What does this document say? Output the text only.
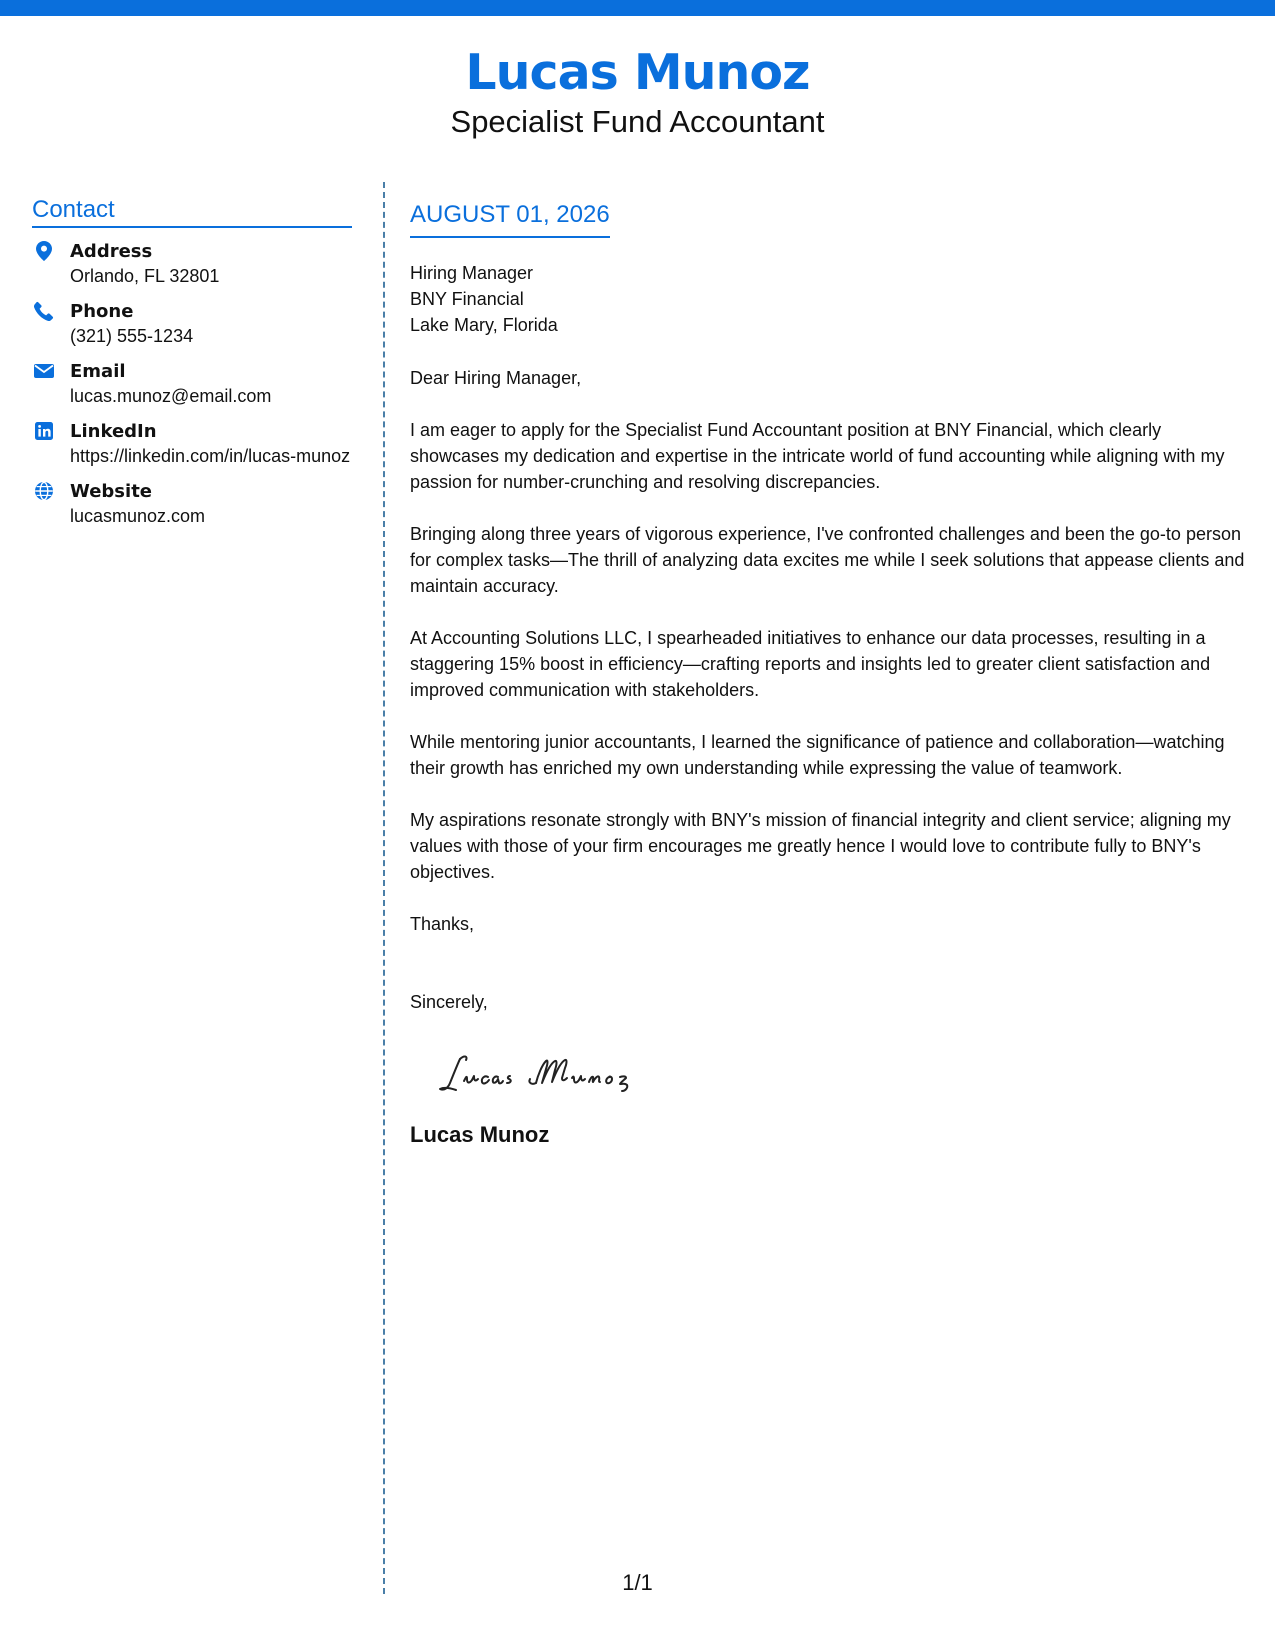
Lucas Munoz
Specialist Fund Accountant
Contact
Address
Orlando, FL 32801
Phone
(321) 555-1234
Email
lucas.munoz@email.com
LinkedIn
https://linkedin.com/in/lucas-munoz
Website
lucasmunoz.com
AUGUST 01, 2026
Hiring Manager
BNY Financial
Lake Mary, Florida
Dear Hiring Manager,
I am eager to apply for the Specialist Fund Accountant position at BNY Financial, which clearly showcases my dedication and expertise in the intricate world of fund accounting while aligning with my passion for number-crunching and resolving discrepancies.
Bringing along three years of vigorous experience, I've confronted challenges and been the go-to person for complex tasks—The thrill of analyzing data excites me while I seek solutions that appease clients and maintain accuracy.
At Accounting Solutions LLC, I spearheaded initiatives to enhance our data processes, resulting in a staggering 15% boost in efficiency—crafting reports and insights led to greater client satisfaction and improved communication with stakeholders.
While mentoring junior accountants, I learned the significance of patience and collaboration—watching their growth has enriched my own understanding while expressing the value of teamwork.
My aspirations resonate strongly with BNY's mission of financial integrity and client service; aligning my values with those of your firm encourages me greatly hence I would love to contribute fully to BNY's objectives.
Thanks,
Sincerely,
Lucas Munoz
1/1
